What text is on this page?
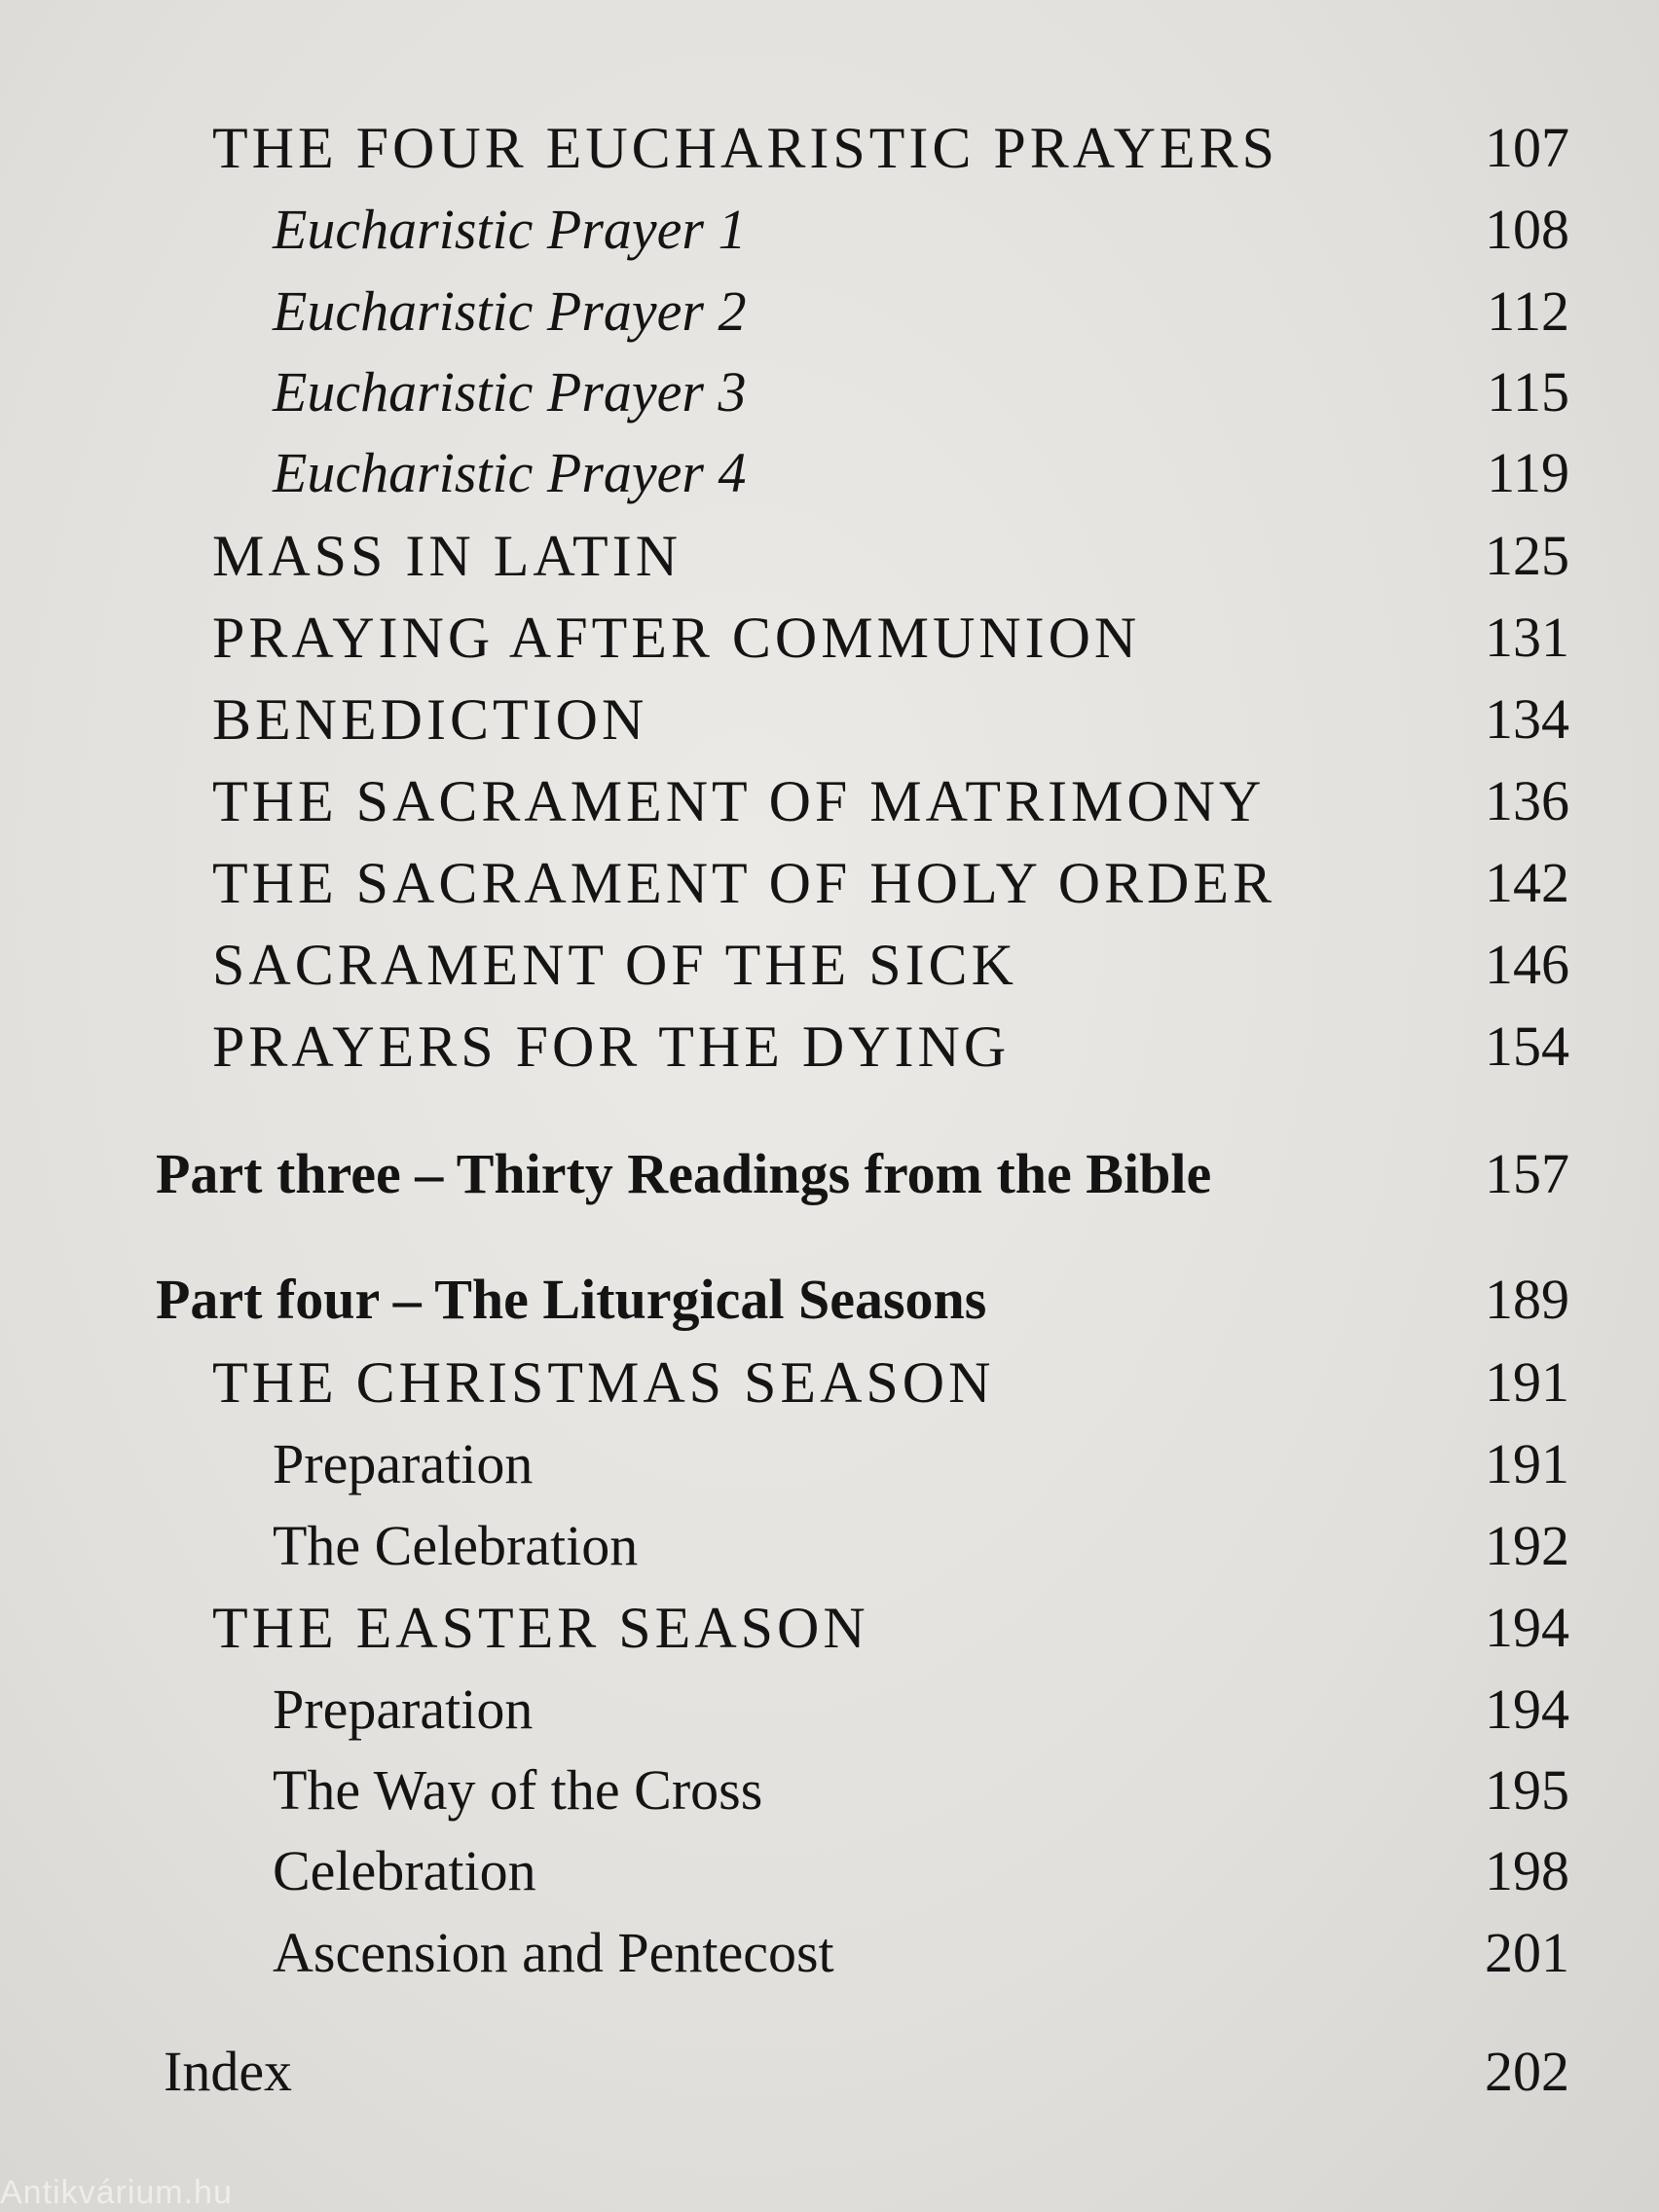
THE FOUR EUCHARISTIC PRAYERS	107
Eucharistic Prayer 1	108
Eucharistic Prayer 2	112
Eucharistic Prayer 3	115
Eucharistic Prayer 4	119
MASS IN LATIN	125
PRAYING AFTER COMMUNION	131
BENEDICTION	134
THE SACRAMENT OF MATRIMONY	136
THE SACRAMENT OF HOLY ORDER	142
SACRAMENT OF THE SICK	146
PRAYERS FOR THE DYING	154
Part three – Thirty Readings from the Bible	157
Part four – The Liturgical Seasons	189
THE CHRISTMAS SEASON	191
Preparation	191
The Celebration	192
THE EASTER SEASON	194
Preparation	194
The Way of the Cross	195
Celebration	198
Ascension and Pentecost	201
Index	202
Antikvárium.hu
